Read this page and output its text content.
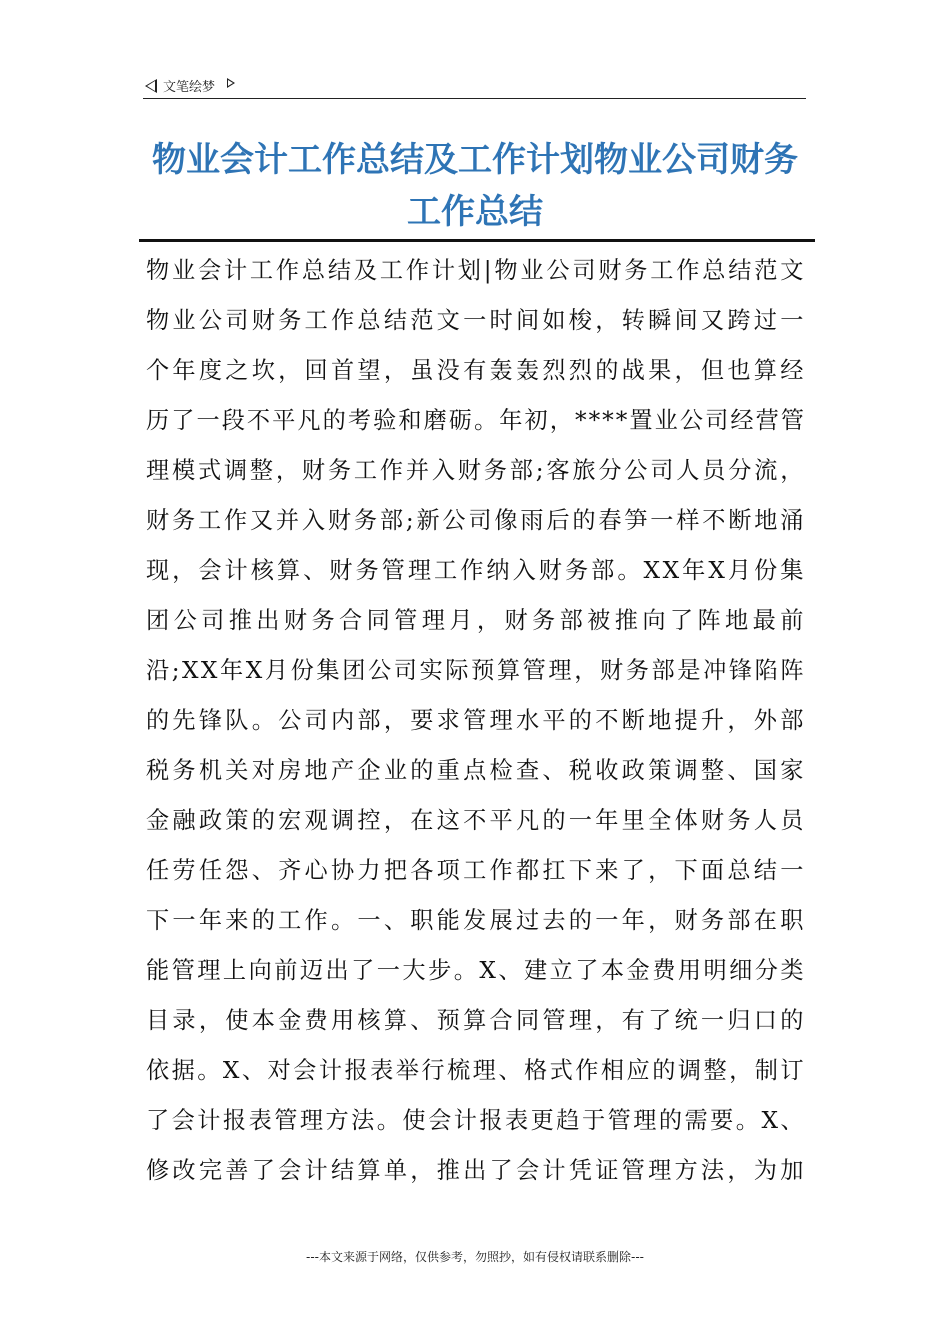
文笔绘梦
物业会计工作总结及工作计划物业公司财务工作总结
物业会计工作总结及工作计划|物业公司财务工作总结范文
物业公司财务工作总结范文一时间如梭，转瞬间又跨过一
个年度之坎，回首望，虽没有轰轰烈烈的战果，但也算经
历了一段不平凡的考验和磨砺。年初，****置业公司经营管
理模式调整，财务工作并入财务部;客旅分公司人员分流，
财务工作又并入财务部;新公司像雨后的春笋一样不断地涌
现，会计核算、财务管理工作纳入财务部。XX年X月份集
团公司推出财务合同管理月，财务部被推向了阵地最前
沿;XX年X月份集团公司实际预算管理，财务部是冲锋陷阵
的先锋队。公司内部，要求管理水平的不断地提升，外部
税务机关对房地产企业的重点检查、税收政策调整、国家
金融政策的宏观调控，在这不平凡的一年里全体财务人员
任劳任怨、齐心协力把各项工作都扛下来了，下面总结一
下一年来的工作。一、职能发展过去的一年，财务部在职
能管理上向前迈出了一大步。X、建立了本金费用明细分类
目录，使本金费用核算、预算合同管理，有了统一归口的
依据。X、对会计报表举行梳理、格式作相应的调整，制订
了会计报表管理方法。使会计报表更趋于管理的需要。X、
修改完善了会计结算单，推出了会计凭证管理方法，为加
---本文来源于网络，仅供参考，勿照抄，如有侵权请联系删除---
